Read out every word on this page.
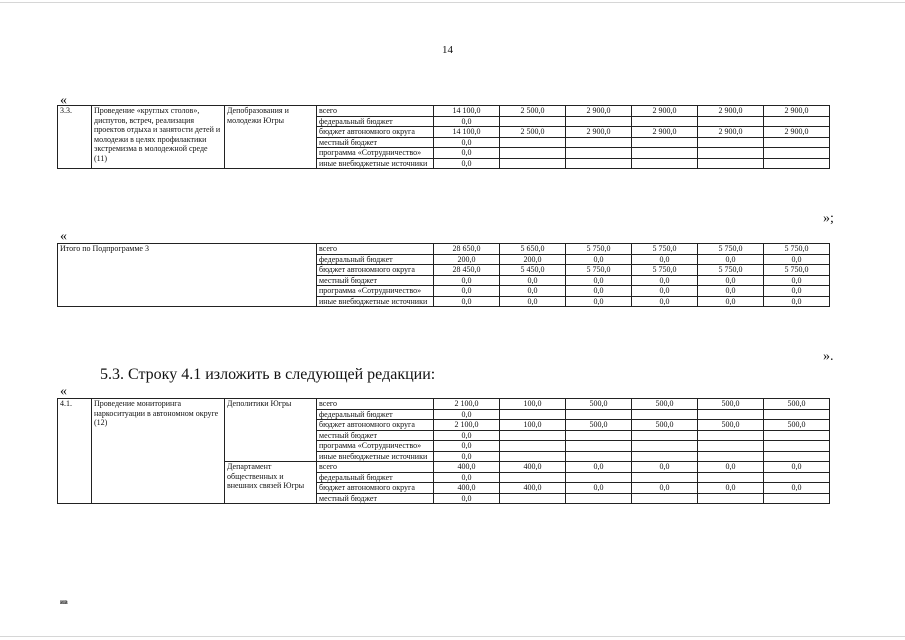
14
«
3.3.	Проведение «круглых столов», диспутов, встреч, реализация проектов отдыха и занятости детей и молодежи в целях профилактики экстремизма в молодежной среде (11)	Депобразования и молодежи Югры	всего	14 100,0	2 500,0	2 900,0	2 900,0	2 900,0	2 900,0
			федеральный бюджет	0,0					
			бюджет автономного округа	14 100,0	2 500,0	2 900,0	2 900,0	2 900,0	2 900,0
			местный бюджет	0,0					
			программа «Сотрудничество»	0,0					
			иные внебюджетные источники	0,0					
»;
«
Итого по Подпрограмме 3	всего	28 650,0	5 650,0	5 750,0	5 750,0	5 750,0	5 750,0
	федеральный бюджет	200,0	200,0	0,0	0,0	0,0	0,0
	бюджет автономного округа	28 450,0	5 450,0	5 750,0	5 750,0	5 750,0	5 750,0
	местный бюджет	0,0	0,0	0,0	0,0	0,0	0,0
	программа «Сотрудничество»	0,0	0,0	0,0	0,0	0,0	0,0
	иные внебюджетные источники	0,0	0,0	0,0	0,0	0,0	0,0
».
5.3. Строку 4.1 изложить в следующей редакции:
«
4.1.	Проведение мониторинга наркоситуации в автономном округе (12)	Деполитики Югры	всего	2 100,0	100,0	500,0	500,0	500,0	500,0
			федеральный бюджет	0,0					
			бюджет автономного округа	2 100,0	100,0	500,0	500,0	500,0	500,0
			местный бюджет	0,0					
			программа «Сотрудничество»	0,0					
			иные внебюджетные источники	0,0					
		Департамент общественных и внешних связей Югры	всего	400,0	400,0	0,0	0,0	0,0	0,0
			федеральный бюджет	0,0					
			бюджет автономного округа	400,0	400,0	0,0	0,0	0,0	0,0
			местный бюджет	0,0					
ив
